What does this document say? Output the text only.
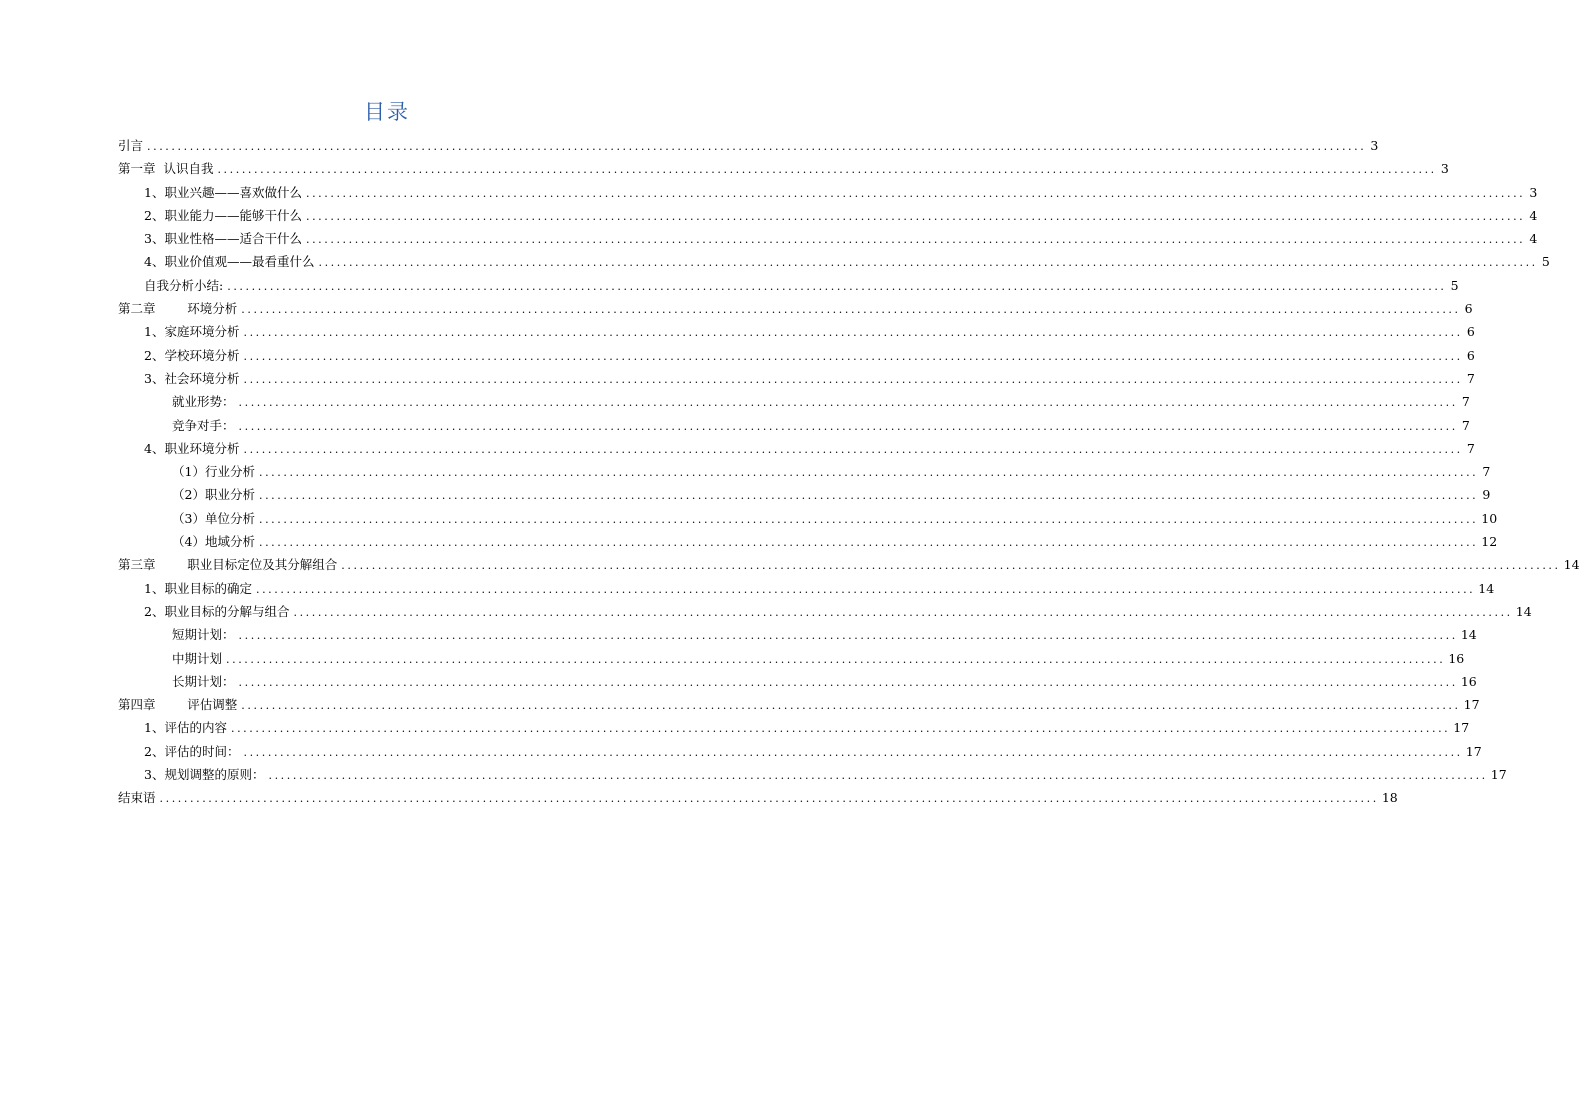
目录
引言 ........................................................................................................................................................................................................ 3
第一章  认识自我 ........................................................................................................................................................................................................ 3
1、职业兴趣——喜欢做什么 ........................................................................................................................................................................................................ 3
2、职业能力——能够干什么 ........................................................................................................................................................................................................ 4
3、职业性格——适合干什么 ........................................................................................................................................................................................................ 4
4、职业价值观——最看重什么 ........................................................................................................................................................................................................ 5
自我分析小结: ........................................................................................................................................................................................................ 5
第二章        环境分析 ........................................................................................................................................................................................................ 6
1、家庭环境分析 ........................................................................................................................................................................................................ 6
2、学校环境分析 ........................................................................................................................................................................................................ 6
3、社会环境分析 ........................................................................................................................................................................................................ 7
就业形势： ........................................................................................................................................................................................................ 7
竞争对手： ........................................................................................................................................................................................................ 7
4、职业环境分析 ........................................................................................................................................................................................................ 7
（1）行业分析 ........................................................................................................................................................................................................ 7
（2）职业分析 ........................................................................................................................................................................................................ 9
（3）单位分析 ........................................................................................................................................................................................................ 10
（4）地域分析 ........................................................................................................................................................................................................ 12
第三章        职业目标定位及其分解组合 ........................................................................................................................................................................................................ 14
1、职业目标的确定 ........................................................................................................................................................................................................ 14
2、职业目标的分解与组合 ........................................................................................................................................................................................................ 14
短期计划： ........................................................................................................................................................................................................ 14
中期计划 ........................................................................................................................................................................................................ 16
长期计划： ........................................................................................................................................................................................................ 16
第四章        评估调整 ........................................................................................................................................................................................................ 17
1、评估的内容 ........................................................................................................................................................................................................ 17
2、评估的时间： ........................................................................................................................................................................................................ 17
3、规划调整的原则： ........................................................................................................................................................................................................ 17
结束语 ........................................................................................................................................................................................................ 18
